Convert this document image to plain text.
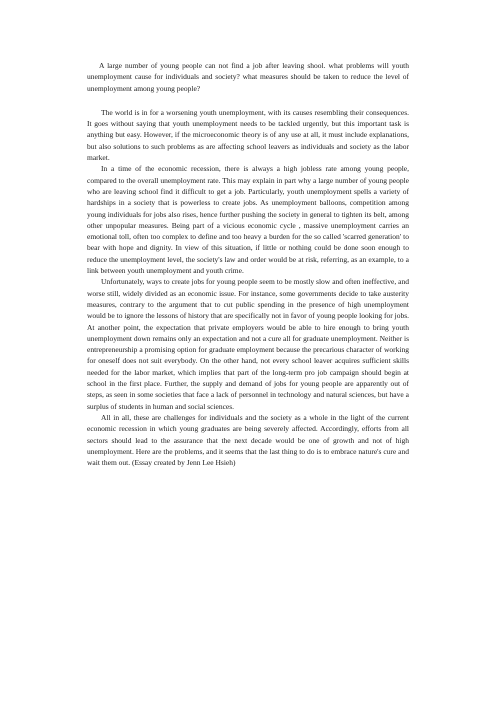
A large number of young people can not find a job after leaving shool. what problems will youth unemployment cause for individuals and society? what measures should be taken to reduce the level of unemployment among young people?

The world is in for a worsening youth unemployment, with its causes resembling their consequences. It goes without saying that youth unemployment needs to be tackled urgently, but this important task is anything but easy. However, if the microeconomic theory is of any use at all, it must include explanations, but also solutions to such problems as are affecting school leavers as individuals and society as the labor market.

In a time of the economic recession, there is always a high jobless rate among young people, compared to the overall unemployment rate. This may explain in part why a large number of young people who are leaving school find it difficult to get a job. Particularly, youth unemployment spells a variety of hardships in a society that is powerless to create jobs. As unemployment balloons, competition among young individuals for jobs also rises, hence further pushing the society in general to tighten its belt, among other unpopular measures. Being part of a vicious economic cycle , massive unemployment carries an emotional toll, often too complex to define and too heavy a burden for the so called 'scarred generation' to bear with hope and dignity. In view of this situation, if little or nothing could be done soon enough to reduce the unemployment level, the society's law and order would be at risk, referring, as an example, to a link between youth unemployment and youth crime.

Unfortunately, ways to create jobs for young people seem to be mostly slow and often ineffective, and worse still, widely divided as an economic issue. For instance, some governments decide to take austerity measures, contrary to the argument that to cut public spending in the presence of high unemployment would be to ignore the lessons of history that are specifically not in favor of young people looking for jobs. At another point, the expectation that private employers would be able to hire enough to bring youth unemployment down remains only an expectation and not a cure all for graduate unemployment. Neither is entrepreneurship a promising option for graduate employment because the precarious character of working for oneself does not suit everybody. On the other hand, not every school leaver acquires sufficient skills needed for the labor market, which implies that part of the long-term pro job campaign should begin at school in the first place. Further, the supply and demand of jobs for young people are apparently out of steps, as seen in some societies that face a lack of personnel in technology and natural sciences, but have a surplus of students in human and social sciences.

All in all, these are challenges for individuals and the society as a whole in the light of the current economic recession in which young graduates are being severely affected. Accordingly, efforts from all sectors should lead to the assurance that the next decade would be one of growth and not of high unemployment. Here are the problems, and it seems that the last thing to do is to embrace nature's cure and wait them out. (Essay created by Jenn Lee Hsieh)
